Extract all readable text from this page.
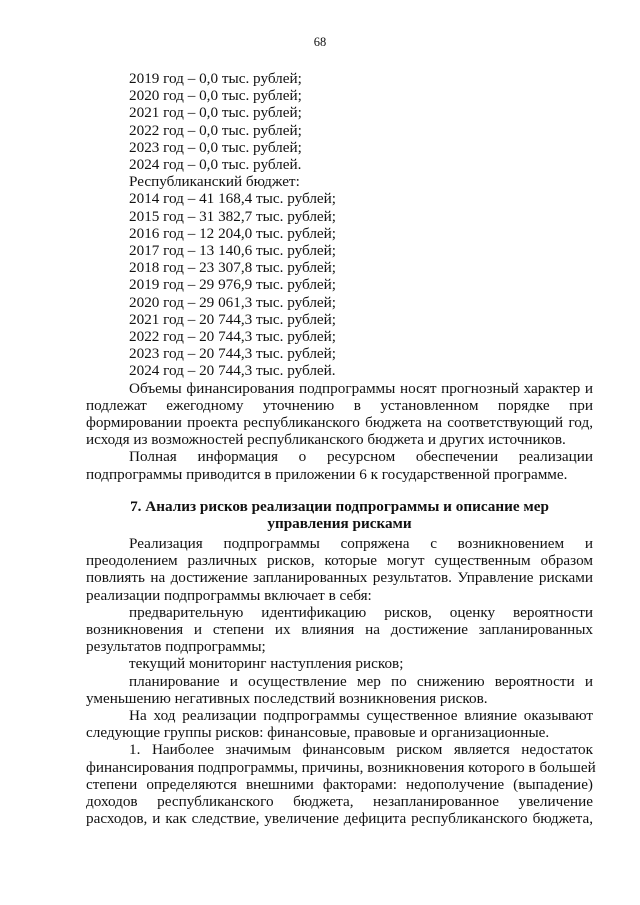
68
2019 год – 0,0 тыс. рублей;
2020 год – 0,0 тыс. рублей;
2021 год – 0,0 тыс. рублей;
2022 год – 0,0 тыс. рублей;
2023 год – 0,0 тыс. рублей;
2024 год – 0,0 тыс. рублей.
Республиканский бюджет:
2014 год – 41 168,4 тыс. рублей;
2015 год – 31 382,7 тыс. рублей;
2016 год – 12 204,0 тыс. рублей;
2017 год – 13 140,6 тыс. рублей;
2018 год – 23 307,8 тыс. рублей;
2019 год – 29 976,9 тыс. рублей;
2020 год – 29 061,3 тыс. рублей;
2021 год – 20 744,3 тыс. рублей;
2022 год – 20 744,3 тыс. рублей;
2023 год – 20 744,3 тыс. рублей;
2024 год – 20 744,3 тыс. рублей.
Объемы финансирования подпрограммы носят прогнозный характер и
подлежат ежегодному уточнению в установленном порядке при
формировании проекта республиканского бюджета на соответствующий год,
исходя из возможностей республиканского бюджета и других источников.
Полная информация о ресурсном обеспечении реализации
подпрограммы приводится в приложении 6 к государственной программе.
7. Анализ рисков реализации подпрограммы и описание мер
управления рисками
Реализация подпрограммы сопряжена с возникновением и
преодолением различных рисков, которые могут существенным образом
повлиять на достижение запланированных результатов. Управление рисками
реализации подпрограммы включает в себя:
предварительную идентификацию рисков, оценку вероятности
возникновения и степени их влияния на достижение запланированных
результатов подпрограммы;
текущий мониторинг наступления рисков;
планирование и осуществление мер по снижению вероятности и
уменьшению негативных последствий возникновения рисков.
На ход реализации подпрограммы существенное влияние оказывают
следующие группы рисков: финансовые, правовые и организационные.
1. Наиболее значимым финансовым риском является недостаток
финансирования подпрограммы, причины, возникновения которого в большей
степени определяются внешними факторами: недополучение (выпадение)
доходов республиканского бюджета, незапланированное увеличение
расходов, и как следствие, увеличение дефицита республиканского бюджета,
